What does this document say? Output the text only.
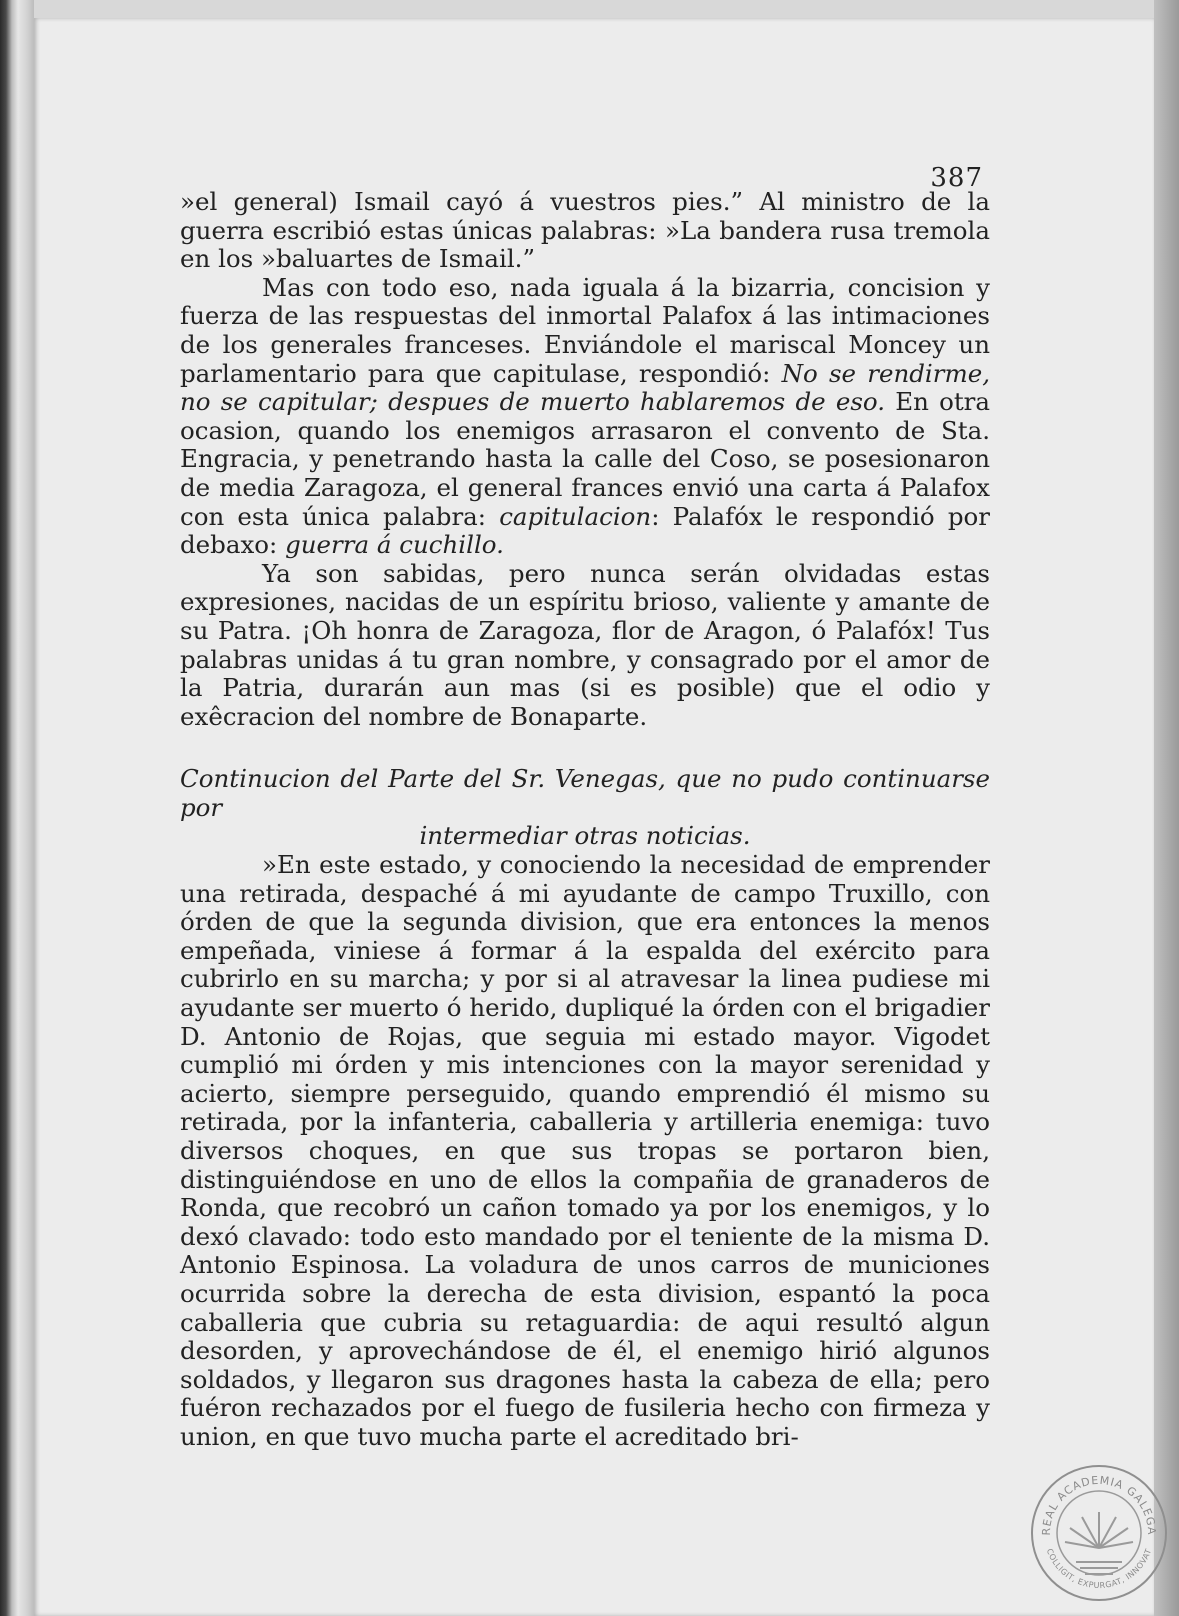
387

»el general) Ismail cayó á vuestros pies.” Al ministro de la guerra escribió estas únicas palabras: »La bandera rusa tremola en los »baluartes de Ismail.”

Mas con todo eso, nada iguala á la bizarria, concision y fuerza de las respuestas del inmortal Palafox á las intimaciones de los generales franceses. Enviándole el mariscal Moncey un parlamentario para que capitulase, respondió: No se rendirme, no se capitular; despues de muerto hablaremos de eso. En otra ocasion, quando los enemigos arrasaron el convento de Sta. Engracia, y penetrando hasta la calle del Coso, se posesionaron de media Zaragoza, el general frances envió una carta á Palafox con esta única palabra: capitulacion: Palafóx le respondió por debaxo: guerra á cuchillo.

Ya son sabidas, pero nunca serán olvidadas estas expresiones, nacidas de un espíritu brioso, valiente y amante de su Patra. ¡Oh honra de Zaragoza, flor de Aragon, ó Palafóx! Tus palabras unidas á tu gran nombre, y consagrado por el amor de la Patria, durarán aun mas (si es posible) que el odio y exêcracion del nombre de Bonaparte.

Continucion del Parte del Sr. Venegas, que no pudo continuarse por

intermediar otras noticias.

»En este estado, y conociendo la necesidad de emprender una retirada, despaché á mi ayudante de campo Truxillo, con órden de que la segunda division, que era entonces la menos empeñada, viniese á formar á la espalda del exército para cubrirlo en su marcha; y por si al atravesar la linea pudiese mi ayudante ser muerto ó herido, dupliqué la órden con el brigadier D. Antonio de Rojas, que seguia mi estado mayor. Vigodet cumplió mi órden y mis intenciones con la mayor serenidad y acierto, siempre perseguido, quando emprendió él mismo su retirada, por la infanteria, caballeria y artilleria enemiga: tuvo diversos choques, en que sus tropas se portaron bien, distinguiéndose en uno de ellos la compañia de granaderos de Ronda, que recobró un cañon tomado ya por los enemigos, y lo dexó clavado: todo esto mandado por el teniente de la misma D. Antonio Espinosa. La voladura de unos carros de municiones ocurrida sobre la derecha de esta division, espantó la poca caballeria que cubria su retaguardia: de aqui resultó algun desorden, y aprovechándose de él, el enemigo hirió algunos soldados, y llegaron sus dragones hasta la cabeza de ella; pero fuéron rechazados por el fuego de fusileria hecho con firmeza y union, en que tuvo mucha parte el acreditado bri-

REAL ACADEMIA GALEGA
COLLIGIT, EXPURGAT, INNOVAT
